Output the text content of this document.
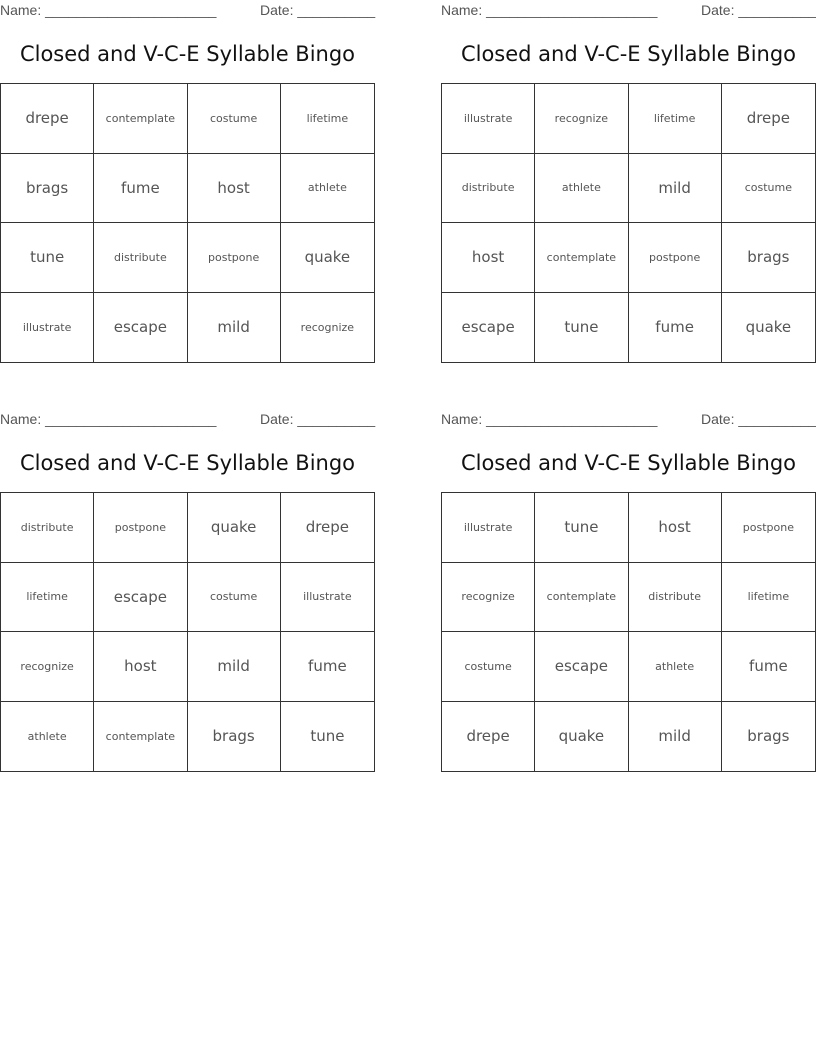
Name: ______________________	Date: __________
Closed and V-C-E Syllable Bingo
drepe	contemplate	costume	lifetime
brags	fume	host	athlete
tune	distribute	postpone	quake
illustrate	escape	mild	recognize
Name: ______________________	Date: __________
Closed and V-C-E Syllable Bingo
illustrate	recognize	lifetime	drepe
distribute	athlete	mild	costume
host	contemplate	postpone	brags
escape	tune	fume	quake
Name: ______________________	Date: __________
Closed and V-C-E Syllable Bingo
distribute	postpone	quake	drepe
lifetime	escape	costume	illustrate
recognize	host	mild	fume
athlete	contemplate	brags	tune
Name: ______________________	Date: __________
Closed and V-C-E Syllable Bingo
illustrate	tune	host	postpone
recognize	contemplate	distribute	lifetime
costume	escape	athlete	fume
drepe	quake	mild	brags
